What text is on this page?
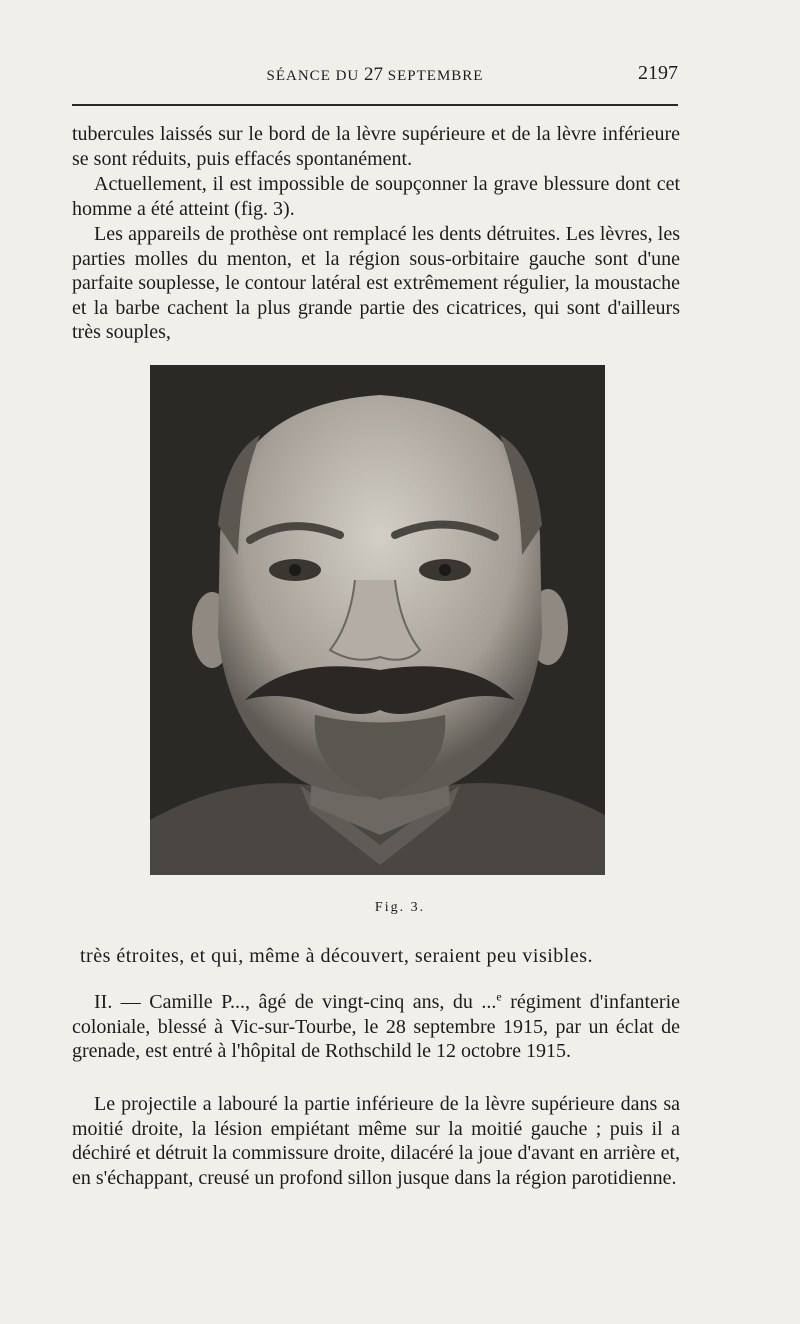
SÉANCE DU 27 SEPTEMBRE	2197

tubercules laissés sur le bord de la lèvre supérieure et de la lèvre inférieure se sont réduits, puis effacés spontanément.

Actuellement, il est impossible de soupçonner la grave blessure dont cet homme a été atteint (fig. 3).

Les appareils de prothèse ont remplacé les dents détruites. Les lèvres, les parties molles du menton, et la région sous-orbitaire gauche sont d'une parfaite souplesse, le contour latéral est extrêmement régulier, la moustache et la barbe cachent la plus grande partie des cicatrices, qui sont d'ailleurs très souples,

Fig. 3.

très étroites, et qui, même à découvert, seraient peu visibles.

II. — Camille P..., âgé de vingt-cinq ans, du ...$^e$ régiment d'infanterie coloniale, blessé à Vic-sur-Tourbe, le 28 septembre 1915, par un éclat de grenade, est entré à l'hôpital de Rothschild le 12 octobre 1915.

Le projectile a labouré la partie inférieure de la lèvre supérieure dans sa moitié droite, la lésion empiétant même sur la moitié gauche ; puis il a déchiré et détruit la commissure droite, dilacéré la joue d'avant en arrière et, en s'échappant, creusé un profond sillon jusque dans la région parotidienne.
